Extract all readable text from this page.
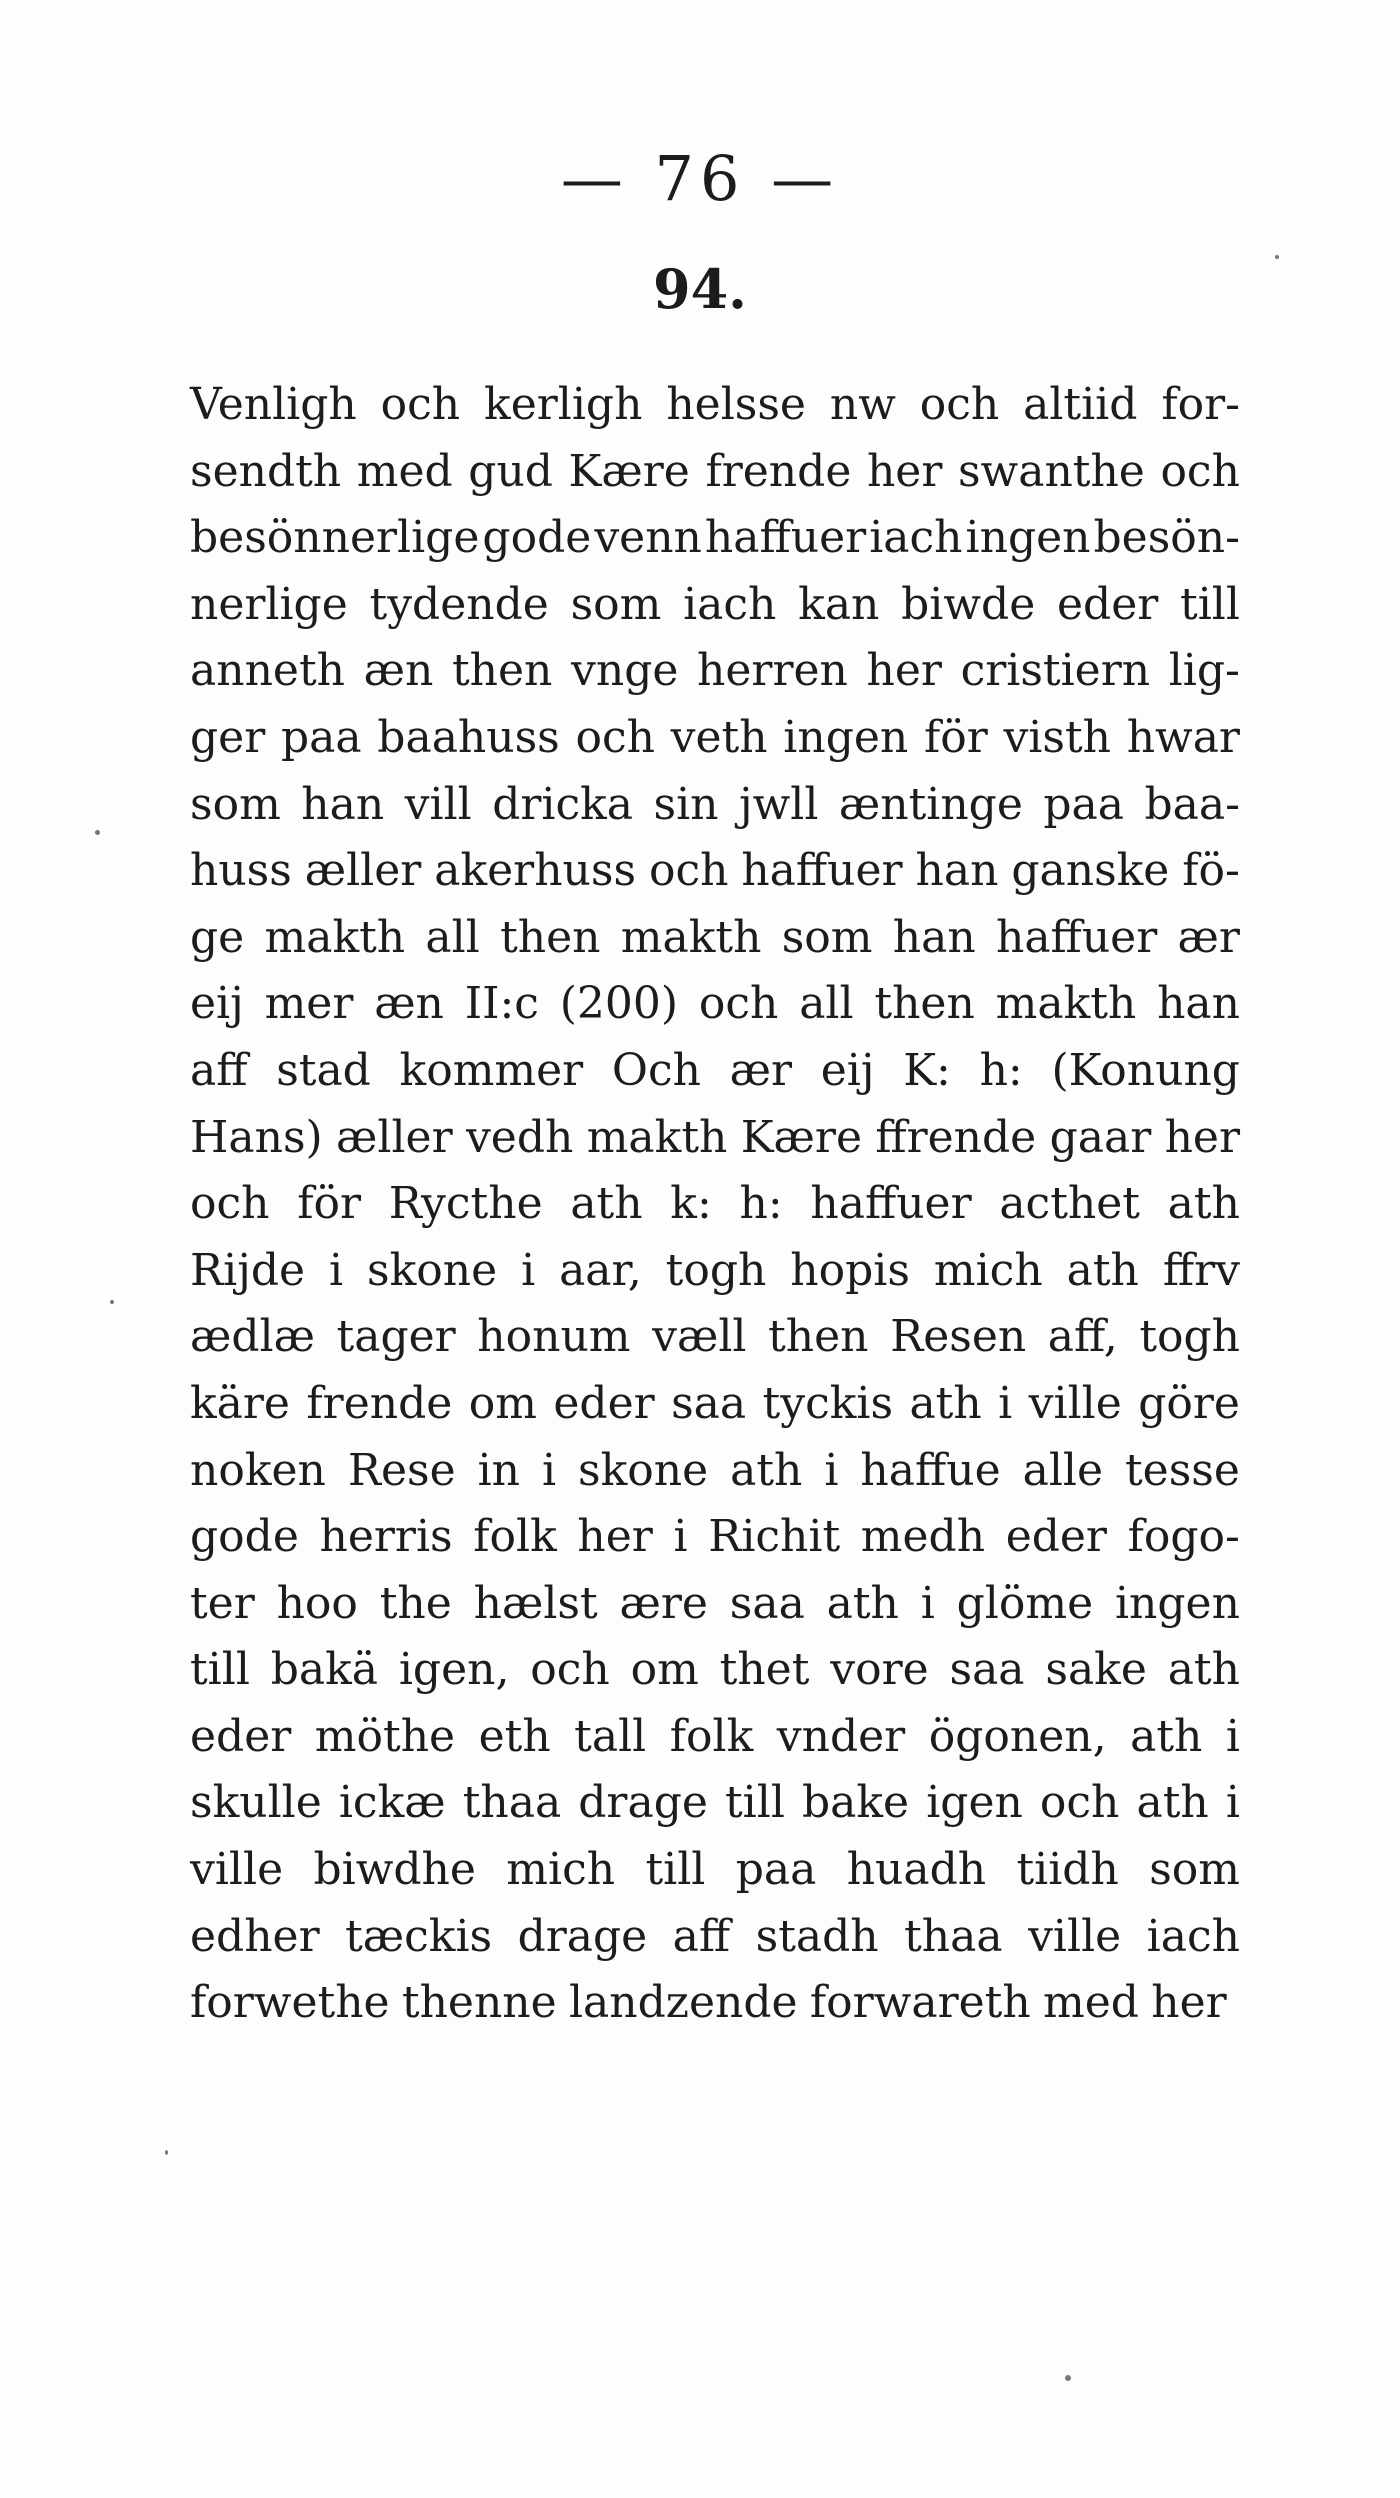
— 76 —
94.
Venligh och kerligh helsse nw och altiid for-
sendth med gud Kære frende her swanthe och
besönnerlige gode venn haffuer iach ingen besön-
nerlige tydende som iach kan biwde eder till
anneth æn then vnge herren her cristiern lig-
ger paa baahuss och veth ingen för visth hwar
som han vill dricka sin jwll æntinge paa baa-
huss æller akerhuss och haffuer han ganske fö-
ge makth all then makth som han haffuer ær
eij mer æn II:c (200) och all then makth han
aff stad kommer Och ær eij K: h: (Konung
Hans) æller vedh makth Kære ffrende gaar her
och för Rycthe ath k: h: haffuer acthet ath
Rijde i skone i aar, togh hopis mich ath ffrv
ædlæ tager honum væll then Resen aff, togh
käre frende om eder saa tyckis ath i ville göre
noken Rese in i skone ath i haffue alle tesse
gode herris folk her i Richit medh eder fogo-
ter hoo the hælst ære saa ath i glöme ingen
till bakä igen, och om thet vore saa sake ath
eder möthe eth tall folk vnder ögonen, ath i
skulle ickæ thaa drage till bake igen och ath i
ville biwdhe mich till paa huadh tiidh som
edher tæckis drage aff stadh thaa ville iach
forwethe thenne landzende forwareth med her
